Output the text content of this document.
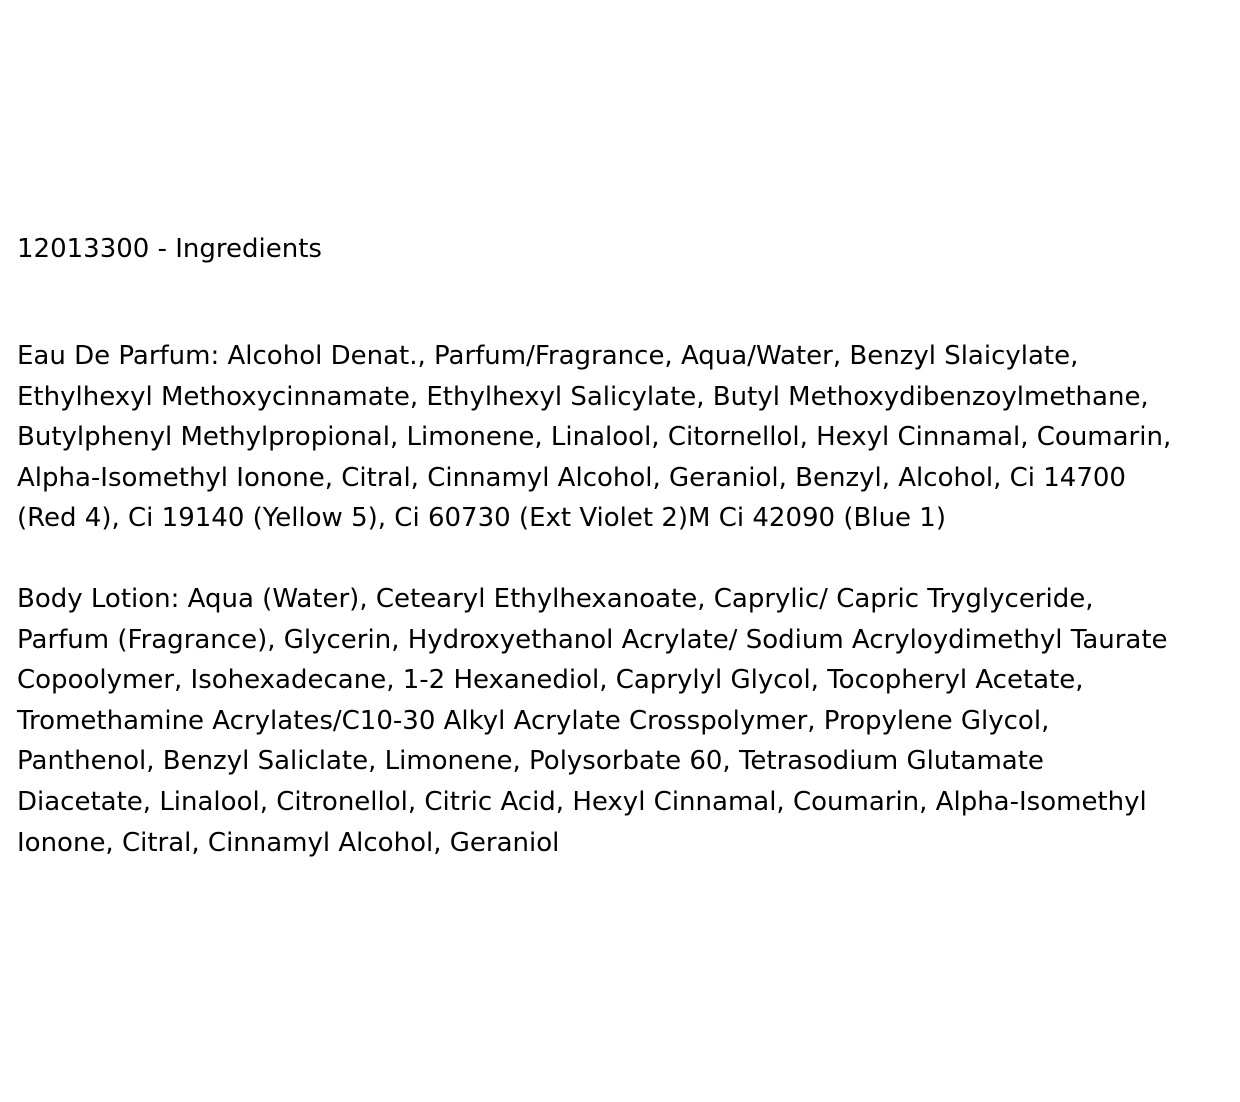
12013300 - Ingredients

Eau De Parfum: Alcohol Denat., Parfum/Fragrance, Aqua/Water, Benzyl Slaicylate,
Ethylhexyl Methoxycinnamate, Ethylhexyl Salicylate, Butyl Methoxydibenzoylmethane,
Butylphenyl Methylpropional, Limonene, Linalool, Citornellol, Hexyl Cinnamal, Coumarin,
Alpha-Isomethyl Ionone, Citral, Cinnamyl Alcohol, Geraniol, Benzyl, Alcohol, Ci 14700
(Red 4), Ci 19140 (Yellow 5), Ci 60730 (Ext Violet 2)M Ci 42090 (Blue 1)
Body Lotion: Aqua (Water), Cetearyl Ethylhexanoate, Caprylic/ Capric Tryglyceride,
Parfum (Fragrance), Glycerin, Hydroxyethanol Acrylate/ Sodium Acryloydimethyl Taurate
Copoolymer, Isohexadecane, 1-2 Hexanediol, Caprylyl Glycol, Tocopheryl Acetate,
Tromethamine Acrylates/C10-30 Alkyl Acrylate Crosspolymer, Propylene Glycol,
Panthenol, Benzyl Saliclate, Limonene, Polysorbate 60, Tetrasodium Glutamate
Diacetate, Linalool, Citronellol, Citric Acid, Hexyl Cinnamal, Coumarin, Alpha-Isomethyl
Ionone, Citral, Cinnamyl Alcohol, Geraniol
